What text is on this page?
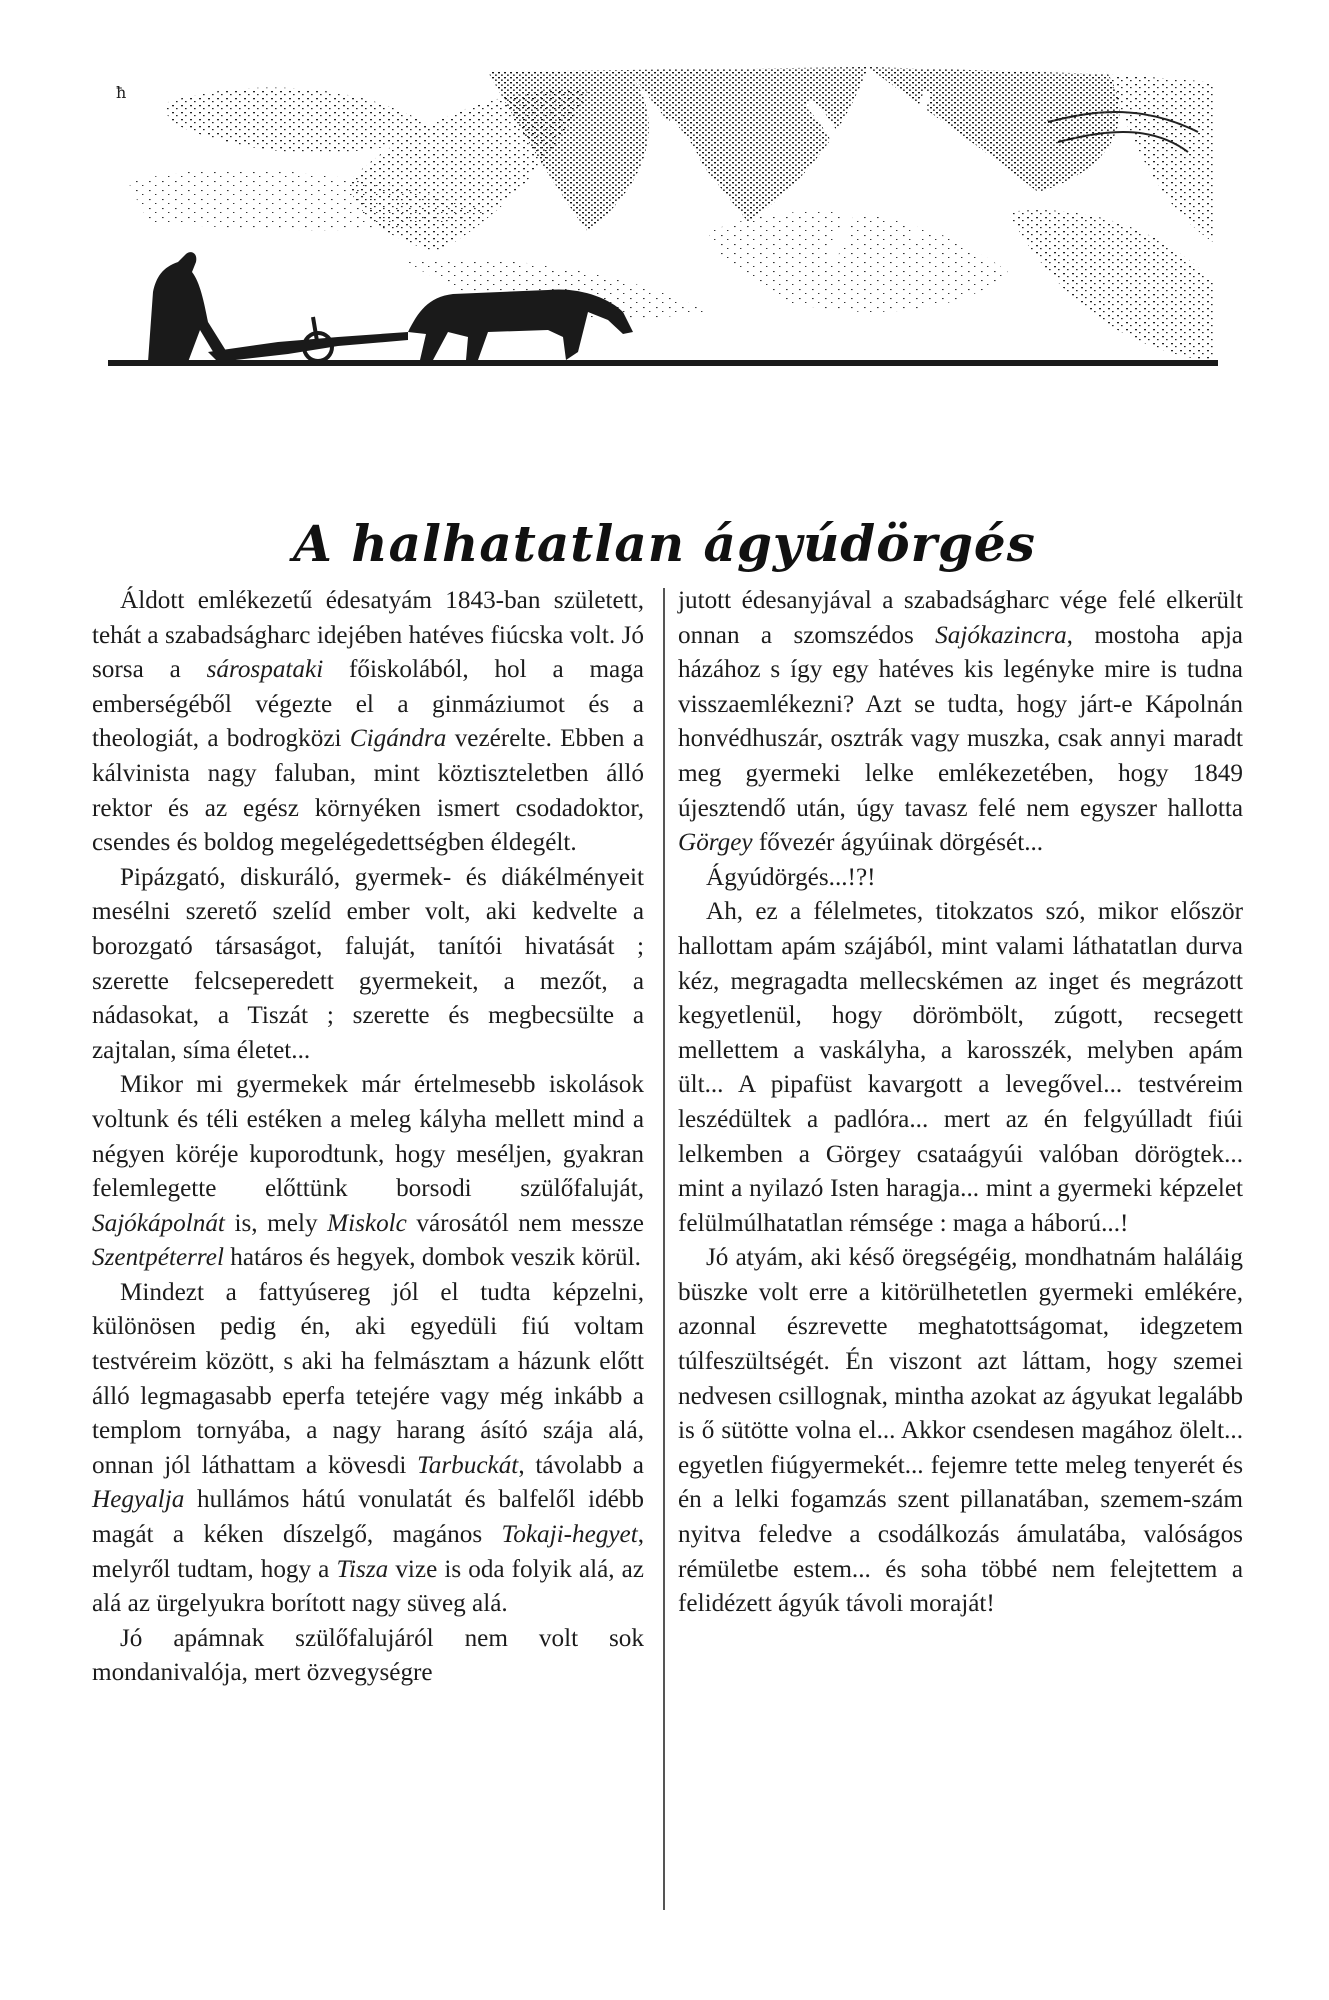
ħ
A halhatatlan ágyúdörgés

Áldott emlékezetű édesatyám 1843-ban született, tehát a szabadságharc idejében hatéves fiúcska volt. Jó sorsa a sárospataki főiskolából, hol a maga emberségéből végezte el a ginmáziumot és a theologiát, a bodrogközi Cigándra vezérelte. Ebben a kálvinista nagy faluban, mint köztiszteletben álló rektor és az egész környéken ismert csodadoktor, csendes és boldog megelégedettségben éldegélt.

Pipázgató, diskuráló, gyermek- és diákélményeit mesélni szerető szelíd ember volt, aki kedvelte a borozgató társaságot, faluját, tanítói hivatását ; szerette felcseperedett gyermekeit, a mezőt, a nádasokat, a Tiszát ; szerette és megbecsülte a zajtalan, síma életet...

Mikor mi gyermekek már értelmesebb iskolások voltunk és téli estéken a meleg kályha mellett mind a négyen köréje kuporodtunk, hogy meséljen, gyakran felemlegette előttünk borsodi szülőfaluját, Sajókápolnát is, mely Miskolc városától nem messze Szentpéterrel határos és hegyek, dombok veszik körül.

Mindezt a fattyúsereg jól el tudta képzelni, különösen pedig én, aki egyedüli fiú voltam testvéreim között, s aki ha felmásztam a házunk előtt álló legmagasabb eperfa tetejére vagy még inkább a templom tornyába, a nagy harang ásító szája alá, onnan jól láthattam a kövesdi Tarbuckát, távolabb a Hegyalja hullámos hátú vonulatát és balfelől idébb magát a kéken díszelgő, magános Tokaji-hegyet, melyről tudtam, hogy a Tisza vize is oda folyik alá, az alá az ürgelyukra borított nagy süveg alá.

Jó apámnak szülőfalujáról nem volt sok mondanivalója, mert özvegységre

jutott édesanyjával a szabadságharc vége felé elkerült onnan a szomszédos Sajókazincra, mostoha apja házához s így egy hatéves kis legényke mire is tudna visszaemlékezni? Azt se tudta, hogy járt-e Kápolnán honvédhuszár, osztrák vagy muszka, csak annyi maradt meg gyermeki lelke emlékezetében, hogy 1849 újesztendő után, úgy tavasz felé nem egyszer hallotta Görgey fővezér ágyúinak dörgését...

Ágyúdörgés...!?!

Ah, ez a félelmetes, titokzatos szó, mikor először hallottam apám szájából, mint valami láthatatlan durva kéz, megragadta mellecskémen az inget és megrázott kegyetlenül, hogy dörömbölt, zúgott, recsegett mellettem a vaskályha, a karosszék, melyben apám ült... A pipafüst kavargott a levegővel... testvéreim leszédültek a padlóra... mert az én felgyúlladt fiúi lelkemben a Görgey csataágyúi valóban dörögtek... mint a nyilazó Isten haragja... mint a gyermeki képzelet felülmúlhatatlan rémsége : maga a háború...!

Jó atyám, aki késő öregségéig, mondhatnám haláláig büszke volt erre a kitörülhetetlen gyermeki emlékére, azonnal észrevette meghatottságomat, idegzetem túlfeszültségét. Én viszont azt láttam, hogy szemei nedvesen csillognak, mintha azokat az ágyukat legalább is ő sütötte volna el... Akkor csendesen magához ölelt... egyetlen fiúgyermekét... fejemre tette meleg tenyerét és én a lelki fogamzás szent pillanatában, szemem-szám nyitva feledve a csodálkozás ámulatába, valóságos rémületbe estem... és soha többé nem felejtettem a felidézett ágyúk távoli moraját!
